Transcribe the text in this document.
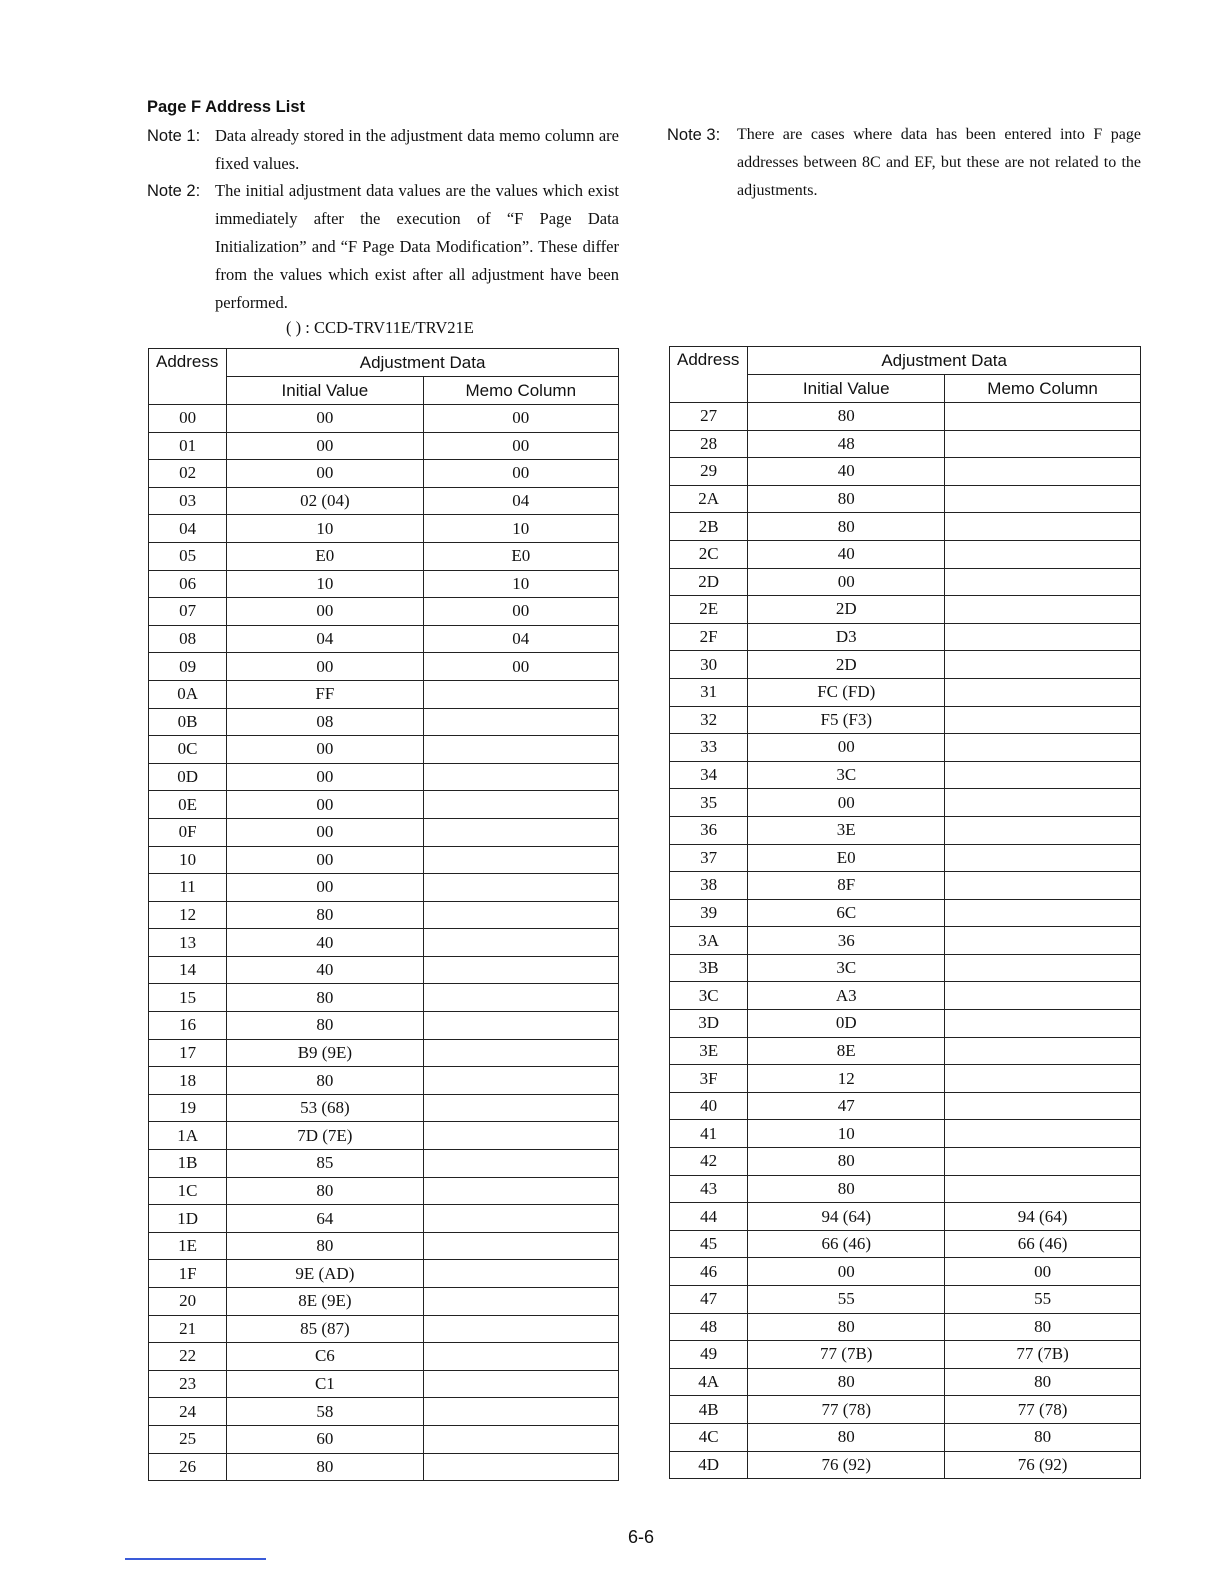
Page F Address List
Note 1: Data already stored in the adjustment data memo column are fixed values.
Note 2: The initial adjustment data values are the values which exist immediately after the execution of “F Page Data Initialization” and “F Page Data Modification”. These differ from the values which exist after all adjustment have been performed.
Note 3: There are cases where data has been entered into F page addresses between 8C and EF, but these are not related to the adjustments.
( ) : CCD-TRV11E/TRV21E
Address	Adjustment Data	
	Initial Value	Memo Column
00	00	00
01	00	00
02	00	00
03	02 (04)	04
04	10	10
05	E0	E0
06	10	10
07	00	00
08	04	04
09	00	00
0A	FF	
0B	08	
0C	00	
0D	00	
0E	00	
0F	00	
10	00	
11	00	
12	80	
13	40	
14	40	
15	80	
16	80	
17	B9 (9E)	
18	80	
19	53 (68)	
1A	7D (7E)	
1B	85	
1C	80	
1D	64	
1E	80	
1F	9E (AD)	
20	8E (9E)	
21	85 (87)	
22	C6	
23	C1	
24	58	
25	60	
26	80	
Address	Adjustment Data	
	Initial Value	Memo Column
27	80	
28	48	
29	40	
2A	80	
2B	80	
2C	40	
2D	00	
2E	2D	
2F	D3	
30	2D	
31	FC (FD)	
32	F5 (F3)	
33	00	
34	3C	
35	00	
36	3E	
37	E0	
38	8F	
39	6C	
3A	36	
3B	3C	
3C	A3	
3D	0D	
3E	8E	
3F	12	
40	47	
41	10	
42	80	
43	80	
44	94 (64)	94 (64)
45	66 (46)	66 (46)
46	00	00
47	55	55
48	80	80
49	77 (7B)	77 (7B)
4A	80	80
4B	77 (78)	77 (78)
4C	80	80
4D	76 (92)	76 (92)
6-6
